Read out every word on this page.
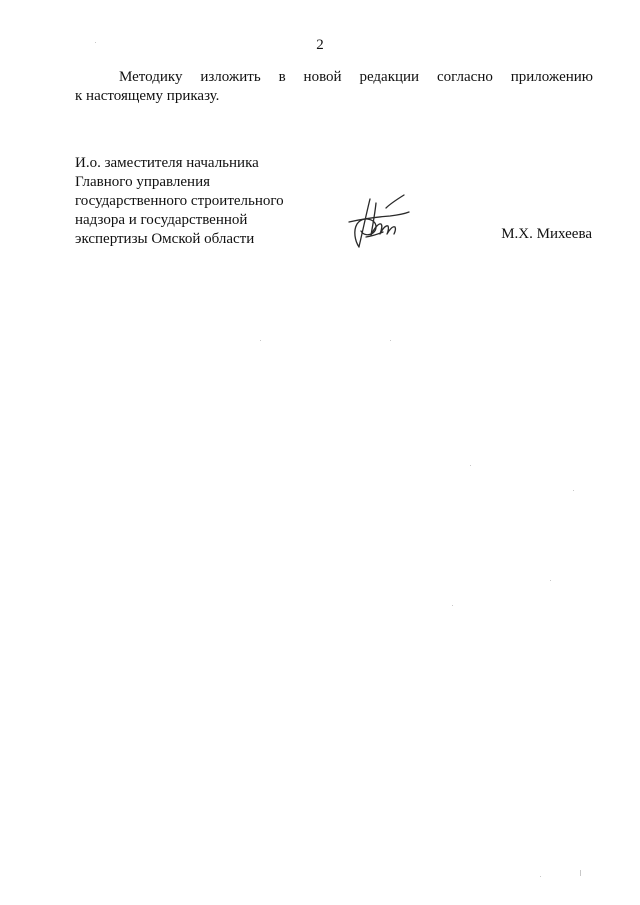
2
Методику изложить в новой редакции согласно приложению
к настоящему приказу.
И.о. заместителя начальника
Главного управления
государственного строительного
надзора и государственной
экспертизы Омской области	М.Х. Михеева
